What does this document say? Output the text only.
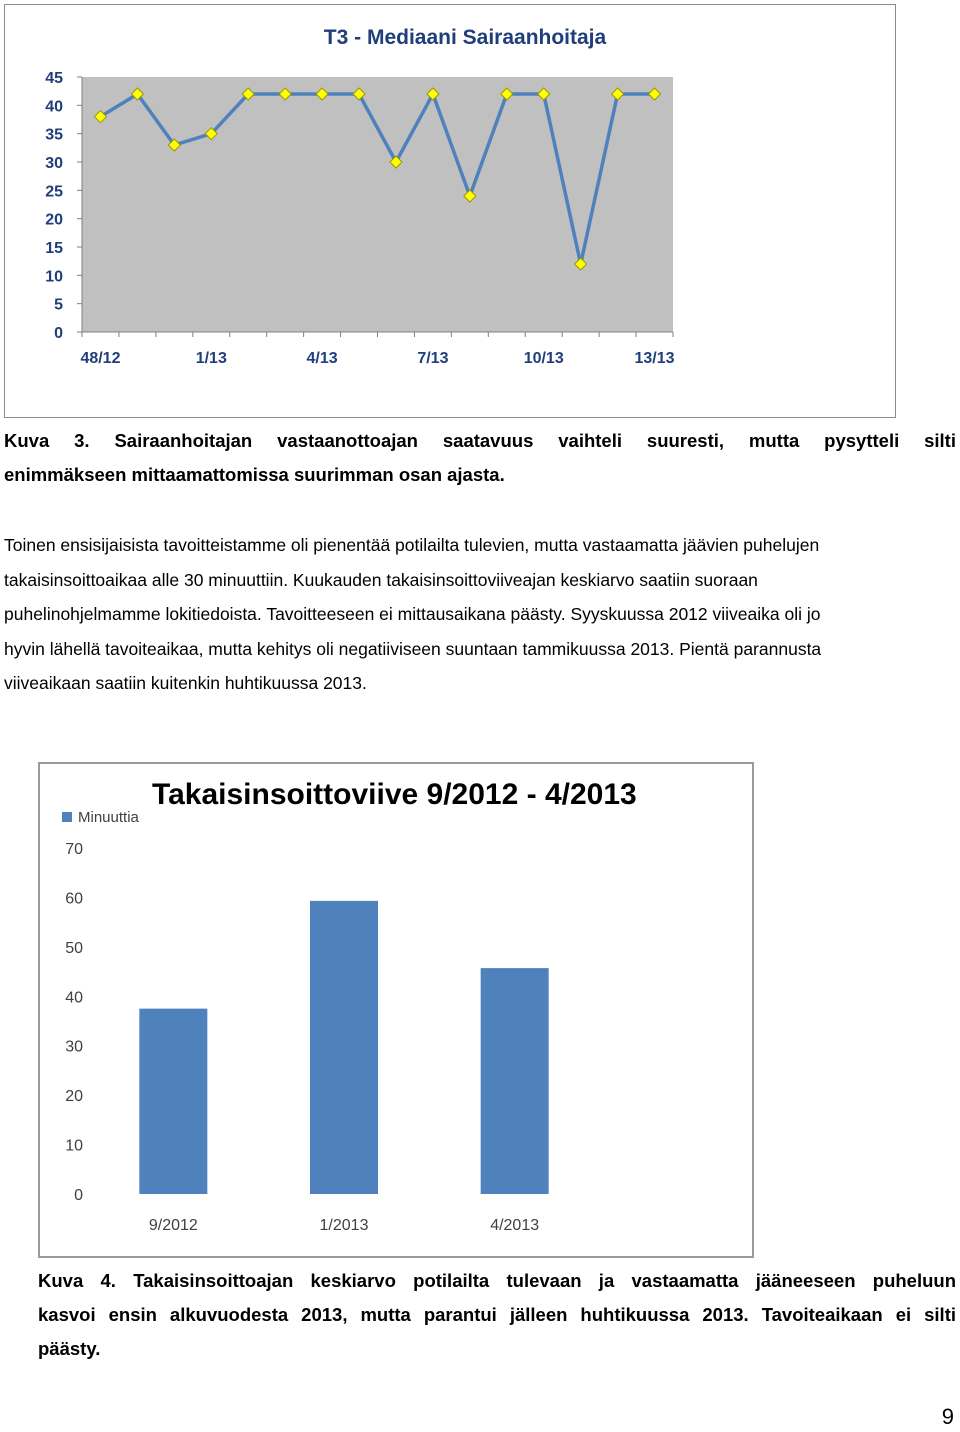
T3 - Mediaani Sairaanhoitaja
0
5
10
15
20
25
30
35
40
45
48/12	1/13	4/13	7/13	10/13	13/13
Kuva 3. Sairaanhoitajan vastaanottoajan saatavuus vaihteli suuresti, mutta pysytteli silti
enimmäkseen mittaamattomissa suurimman osan ajasta.
Toinen ensisijaisista tavoitteistamme oli pienentää potilailta tulevien, mutta vastaamatta jäävien puhelujen
takaisinsoittoaikaa alle 30 minuuttiin. Kuukauden takaisinsoittoviiveajan keskiarvo saatiin suoraan
puhelinohjelmamme lokitiedoista. Tavoitteeseen ei mittausaikana päästy. Syyskuussa 2012 viiveaika oli jo
hyvin lähellä tavoiteaikaa, mutta kehitys oli negatiiviseen suuntaan tammikuussa 2013. Pientä parannusta
viiveaikaan saatiin kuitenkin huhtikuussa 2013.
Takaisinsoittoviive 9/2012 - 4/2013
Minuuttia
0
10
20
30
40
50
60
70
9/2012	1/2013	4/2013
Kuva 4. Takaisinsoittoajan keskiarvo potilailta tulevaan ja vastaamatta jääneeseen puheluun
kasvoi ensin alkuvuodesta 2013, mutta parantui jälleen huhtikuussa 2013. Tavoiteaikaan ei silti
päästy.
9
